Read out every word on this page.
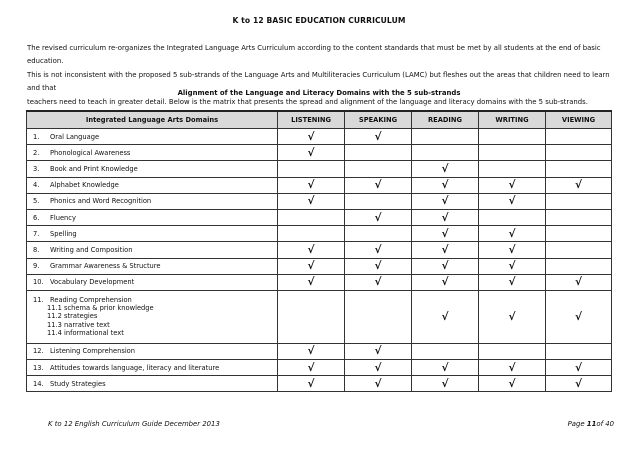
K to 12 BASIC EDUCATION CURRICULUM
The revised curriculum re-organizes the Integrated Language Arts Curriculum according to the content standards that must be met by all students at the end of basic education.
This is not inconsistent with the proposed 5 sub-strands of the Language Arts and Multiliteracies Curriculum (LAMC) but fleshes out the areas that children need to learn and that
teachers need to teach in greater detail. Below is the matrix that presents the spread and alignment of the language and literacy domains with the 5 sub-strands.
Alignment of the Language and Literacy Domains with the 5 sub-strands
Integrated Language Arts Domains	LISTENING	SPEAKING	READING	WRITING	VIEWING

1. Oral Language	√	√			

2. Phonological Awareness	√				

3. Book and Print Knowledge			√		

4. Alphabet Knowledge	√	√	√	√	√

5. Phonics and Word Recognition	√		√	√	

6. Fluency		√	√		

7. Spelling			√	√	

8. Writing and Composition	√	√	√	√	

9. Grammar Awareness & Structure	√	√	√	√	

10. Vocabulary Development	√	√	√	√	√

11. Reading Comprehension
11.1 schema & prior knowledge
11.2 strategies
11.3 narrative text
11.4 informational text			√	√	√

12. Listening Comprehension	√	√			

13. Attitudes towards language, literacy and literature	√	√	√	√	√

14. Study Strategies	√	√	√	√	√
K to 12 English Curriculum Guide December 2013	Page 11of 40
